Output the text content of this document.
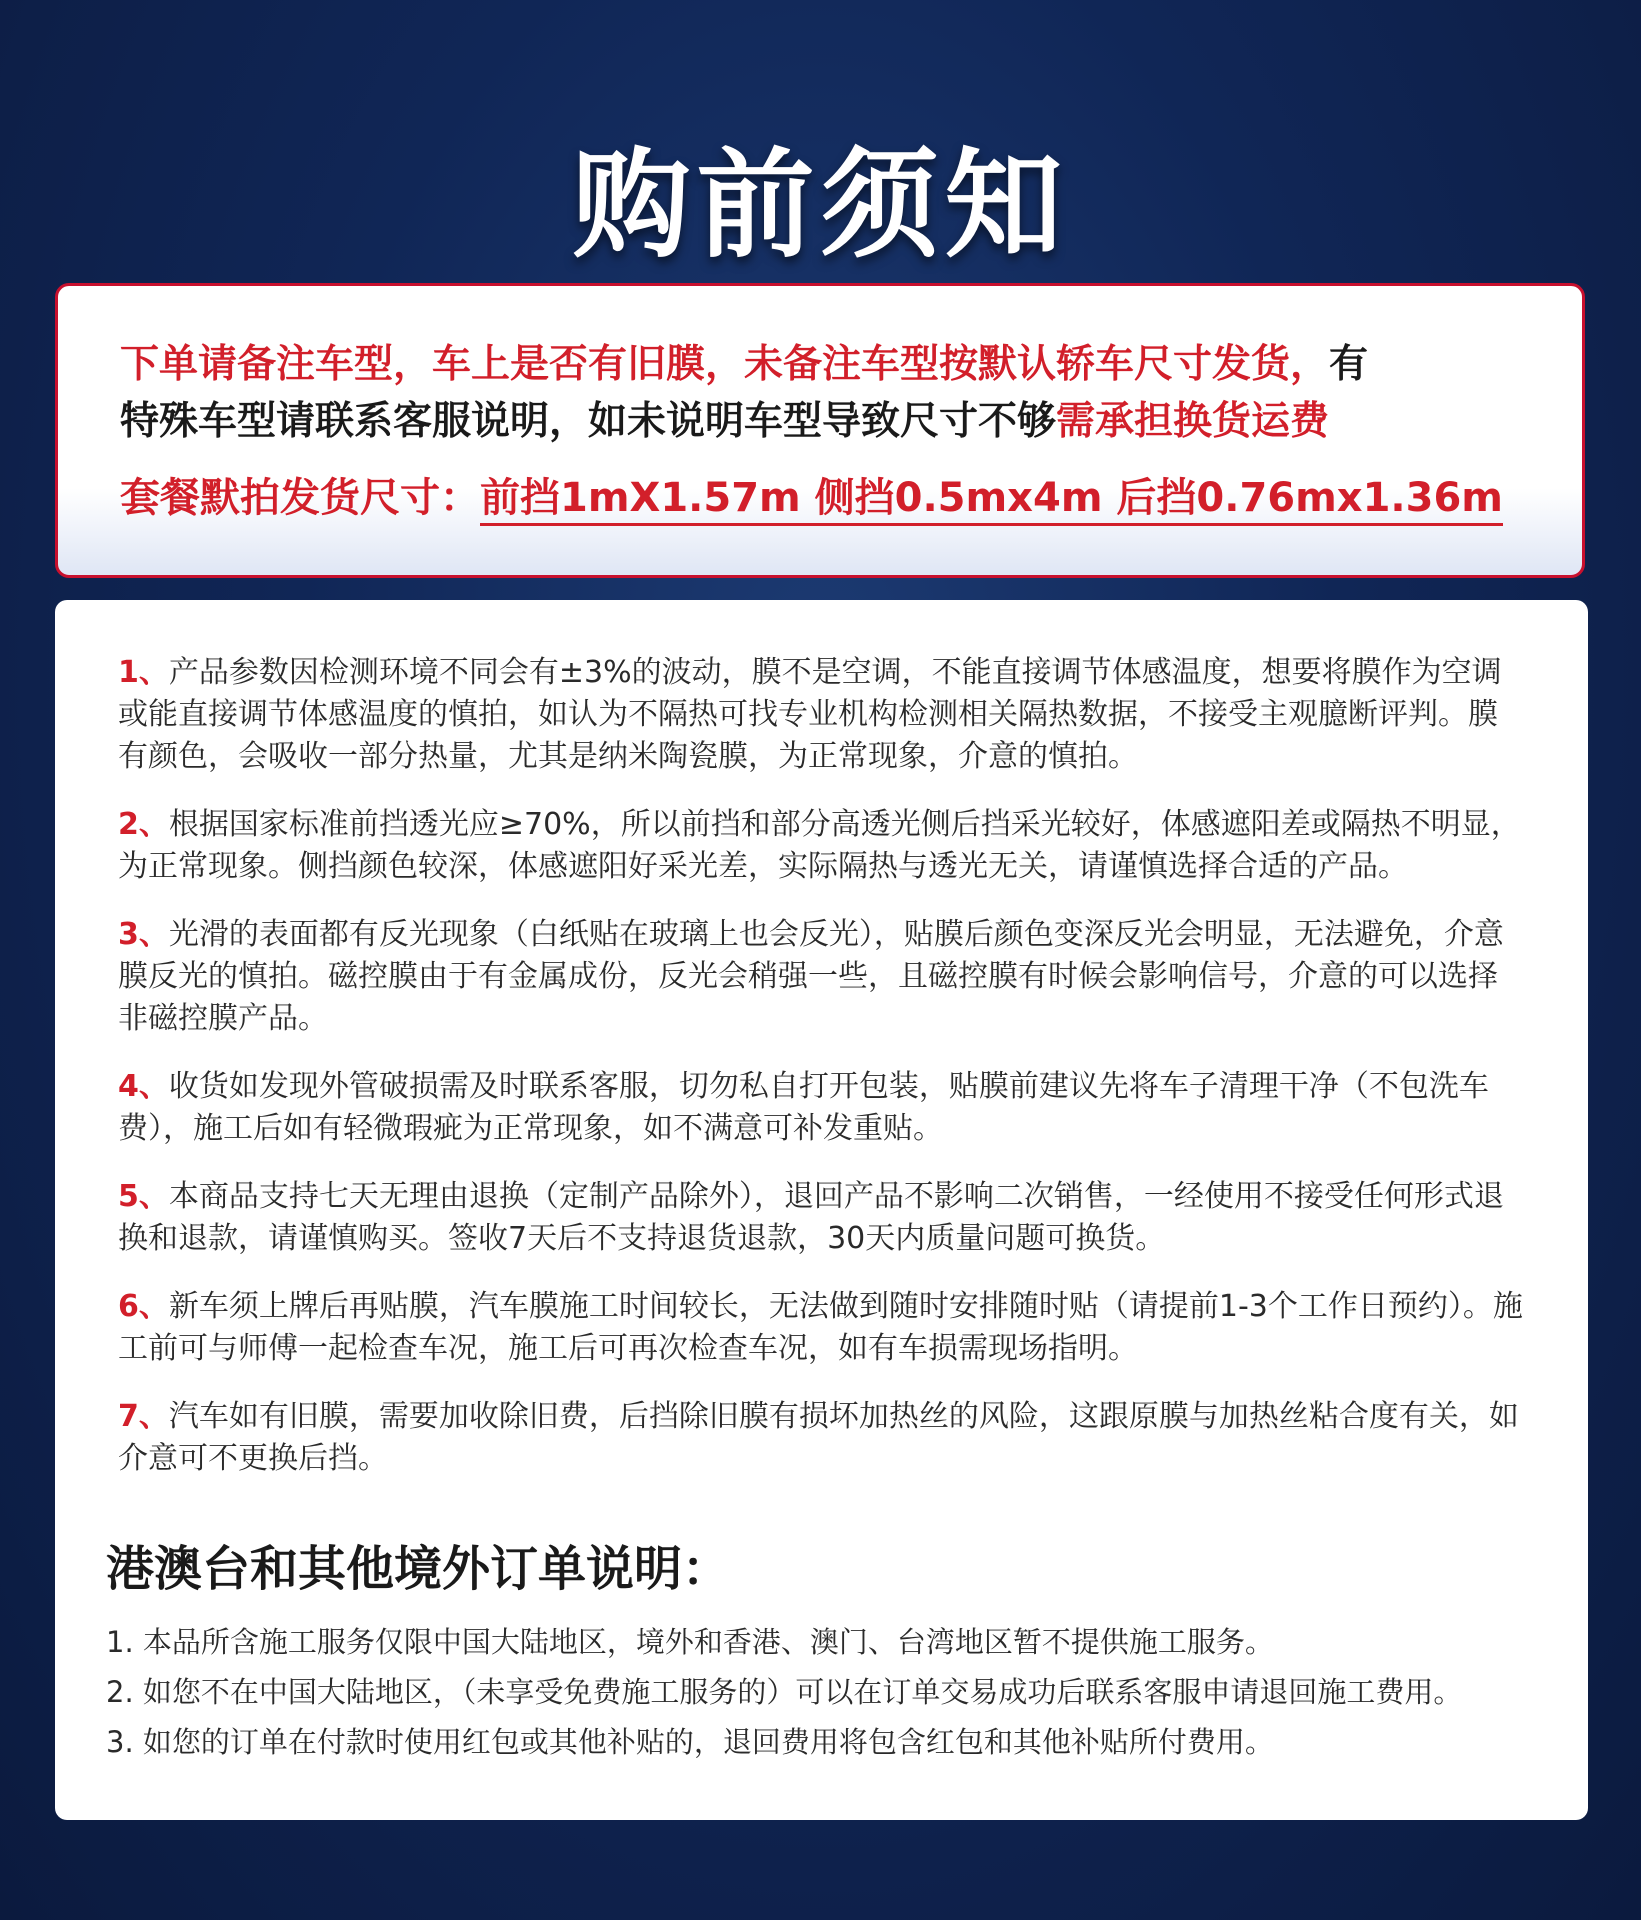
购前须知
下单请备注车型，车上是否有旧膜，未备注车型按默认轿车尺寸发货，有
特殊车型请联系客服说明，如未说明车型导致尺寸不够需承担换货运费
套餐默拍发货尺寸：前挡1mX1.57m 侧挡0.5mx4m 后挡0.76mx1.36m
1、产品参数因检测环境不同会有±3%的波动，膜不是空调，不能直接调节体感温度，想要将膜作为空调或能直接调节体感温度的慎拍，如认为不隔热可找专业机构检测相关隔热数据，不接受主观臆断评判。膜有颜色，会吸收一部分热量，尤其是纳米陶瓷膜，为正常现象，介意的慎拍。
2、根据国家标准前挡透光应≥70%，所以前挡和部分高透光侧后挡采光较好，体感遮阳差或隔热不明显，为正常现象。侧挡颜色较深，体感遮阳好采光差，实际隔热与透光无关，请谨慎选择合适的产品。
3、光滑的表面都有反光现象（白纸贴在玻璃上也会反光），贴膜后颜色变深反光会明显，无法避免，介意膜反光的慎拍。磁控膜由于有金属成份，反光会稍强一些，且磁控膜有时候会影响信号，介意的可以选择非磁控膜产品。
4、收货如发现外管破损需及时联系客服，切勿私自打开包装，贴膜前建议先将车子清理干净（不包洗车费），施工后如有轻微瑕疵为正常现象，如不满意可补发重贴。
5、本商品支持七天无理由退换（定制产品除外），退回产品不影响二次销售，一经使用不接受任何形式退换和退款，请谨慎购买。签收7天后不支持退货退款，30天内质量问题可换货。
6、新车须上牌后再贴膜，汽车膜施工时间较长，无法做到随时安排随时贴（请提前1-3个工作日预约）。施工前可与师傅一起检查车况，施工后可再次检查车况，如有车损需现场指明。
7、汽车如有旧膜，需要加收除旧费，后挡除旧膜有损坏加热丝的风险，这跟原膜与加热丝粘合度有关，如介意可不更换后挡。
港澳台和其他境外订单说明：
1. 本品所含施工服务仅限中国大陆地区，境外和香港、澳门、台湾地区暂不提供施工服务。
2. 如您不在中国大陆地区，（未享受免费施工服务的）可以在订单交易成功后联系客服申请退回施工费用。
3. 如您的订单在付款时使用红包或其他补贴的，退回费用将包含红包和其他补贴所付费用。
